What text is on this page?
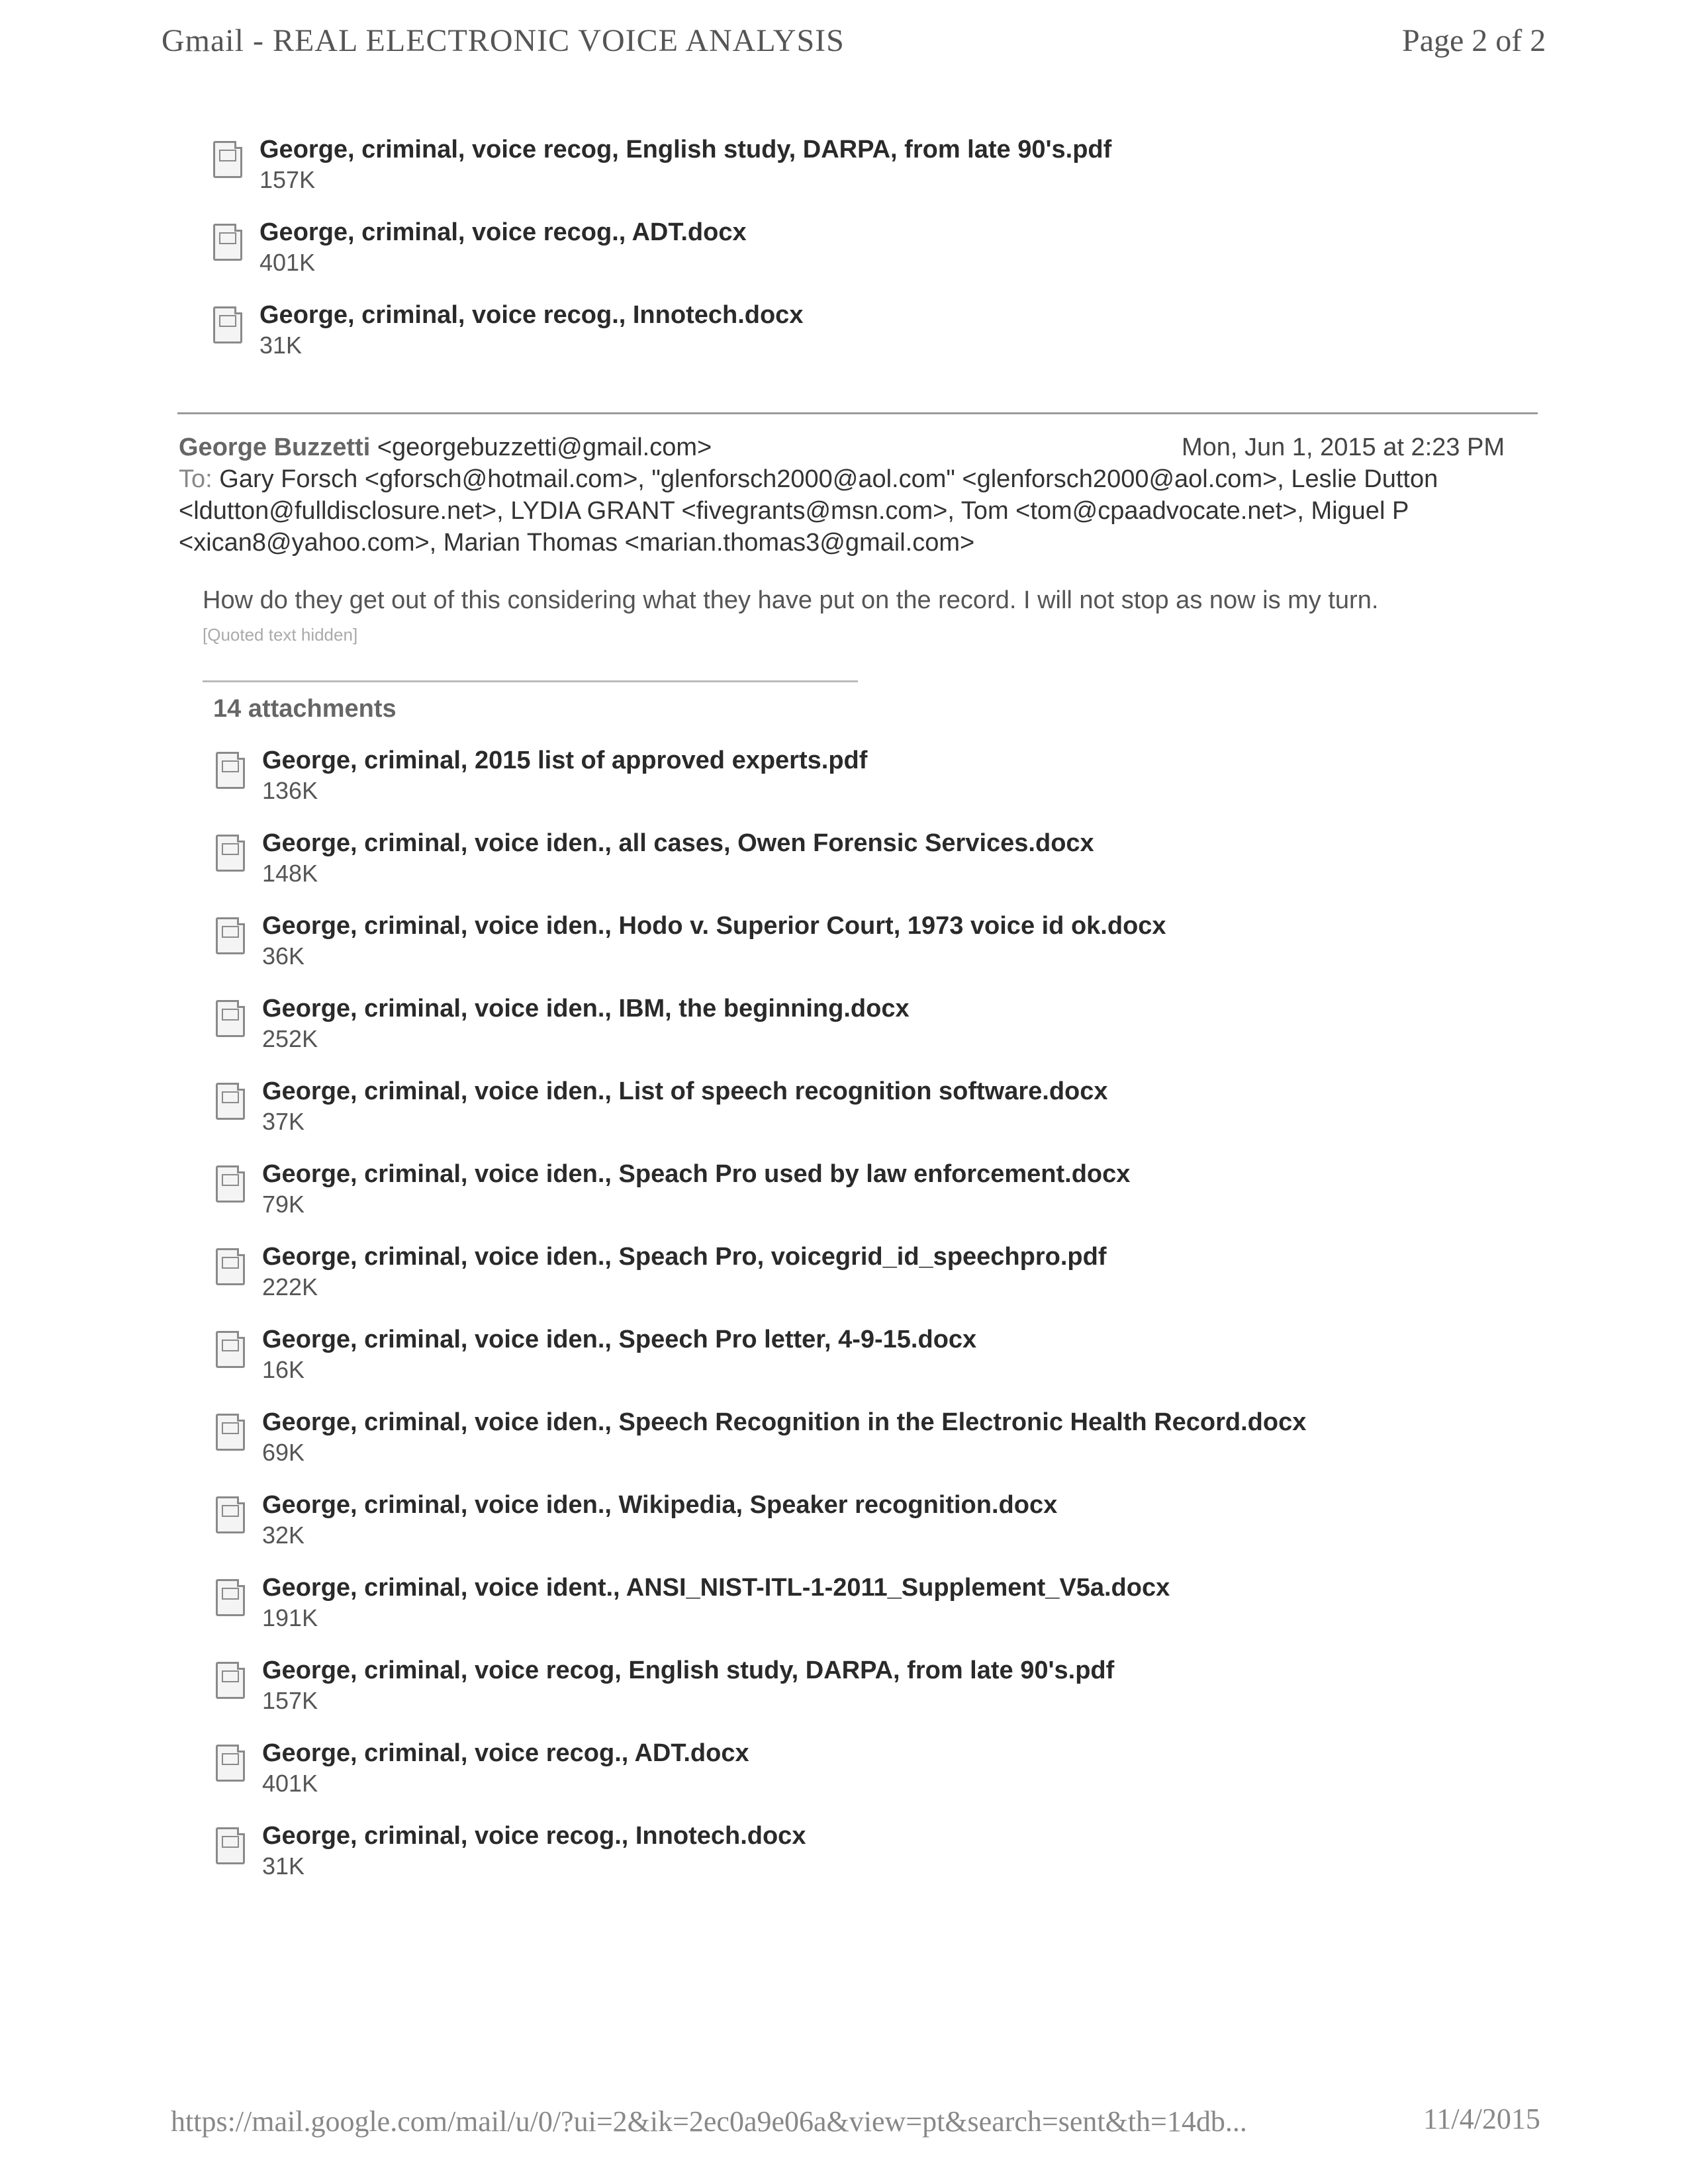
Gmail - REAL ELECTRONIC VOICE ANALYSIS	Page 2 of 2
George, criminal, voice recog, English study, DARPA, from late 90's.pdf
157K
George, criminal, voice recog., ADT.docx
401K
George, criminal, voice recog., Innotech.docx
31K
George Buzzetti <georgebuzzetti@gmail.com>	Mon, Jun 1, 2015 at 2:23 PM
To: Gary Forsch <gforsch@hotmail.com>, "glenforsch2000@aol.com" <glenforsch2000@aol.com>, Leslie Dutton <ldutton@fulldisclosure.net>, LYDIA GRANT <fivegrants@msn.com>, Tom <tom@cpaadvocate.net>, Miguel P <xican8@yahoo.com>, Marian Thomas <marian.thomas3@gmail.com>
How do they get out of this considering what they have put on the record. I will not stop as now is my turn.
[Quoted text hidden]
14 attachments
George, criminal, 2015 list of approved experts.pdf
136K
George, criminal, voice iden., all cases, Owen Forensic Services.docx
148K
George, criminal, voice iden., Hodo v. Superior Court, 1973 voice id ok.docx
36K
George, criminal, voice iden., IBM, the beginning.docx
252K
George, criminal, voice iden., List of speech recognition software.docx
37K
George, criminal, voice iden., Speach Pro used by law enforcement.docx
79K
George, criminal, voice iden., Speach Pro, voicegrid_id_speechpro.pdf
222K
George, criminal, voice iden., Speech Pro letter, 4-9-15.docx
16K
George, criminal, voice iden., Speech Recognition in the Electronic Health Record.docx
69K
George, criminal, voice iden., Wikipedia, Speaker recognition.docx
32K
George, criminal, voice ident., ANSI_NIST-ITL-1-2011_Supplement_V5a.docx
191K
George, criminal, voice recog, English study, DARPA, from late 90's.pdf
157K
George, criminal, voice recog., ADT.docx
401K
George, criminal, voice recog., Innotech.docx
31K
https://mail.google.com/mail/u/0/?ui=2&ik=2ec0a9e06a&view=pt&search=sent&th=14db...	11/4/2015
